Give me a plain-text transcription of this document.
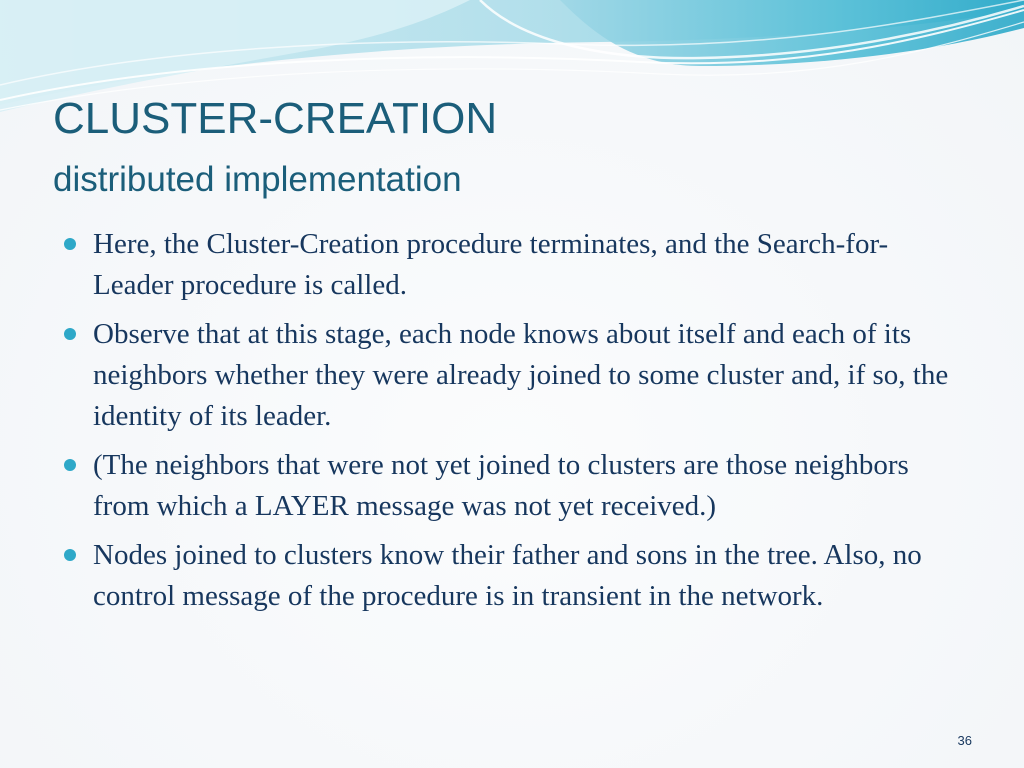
CLUSTER-CREATION
distributed implementation
Here, the Cluster-Creation procedure terminates, and the Search-for-Leader procedure is called.
Observe that at this stage, each node knows about itself and each of its neighbors whether they were already joined to some cluster and, if so, the identity of its leader.
(The neighbors that were not yet joined to clusters are those neighbors from which a LAYER message was not yet received.)
Nodes joined to clusters know their father and sons in the tree. Also, no control message of the procedure is in transient in the network.
36
